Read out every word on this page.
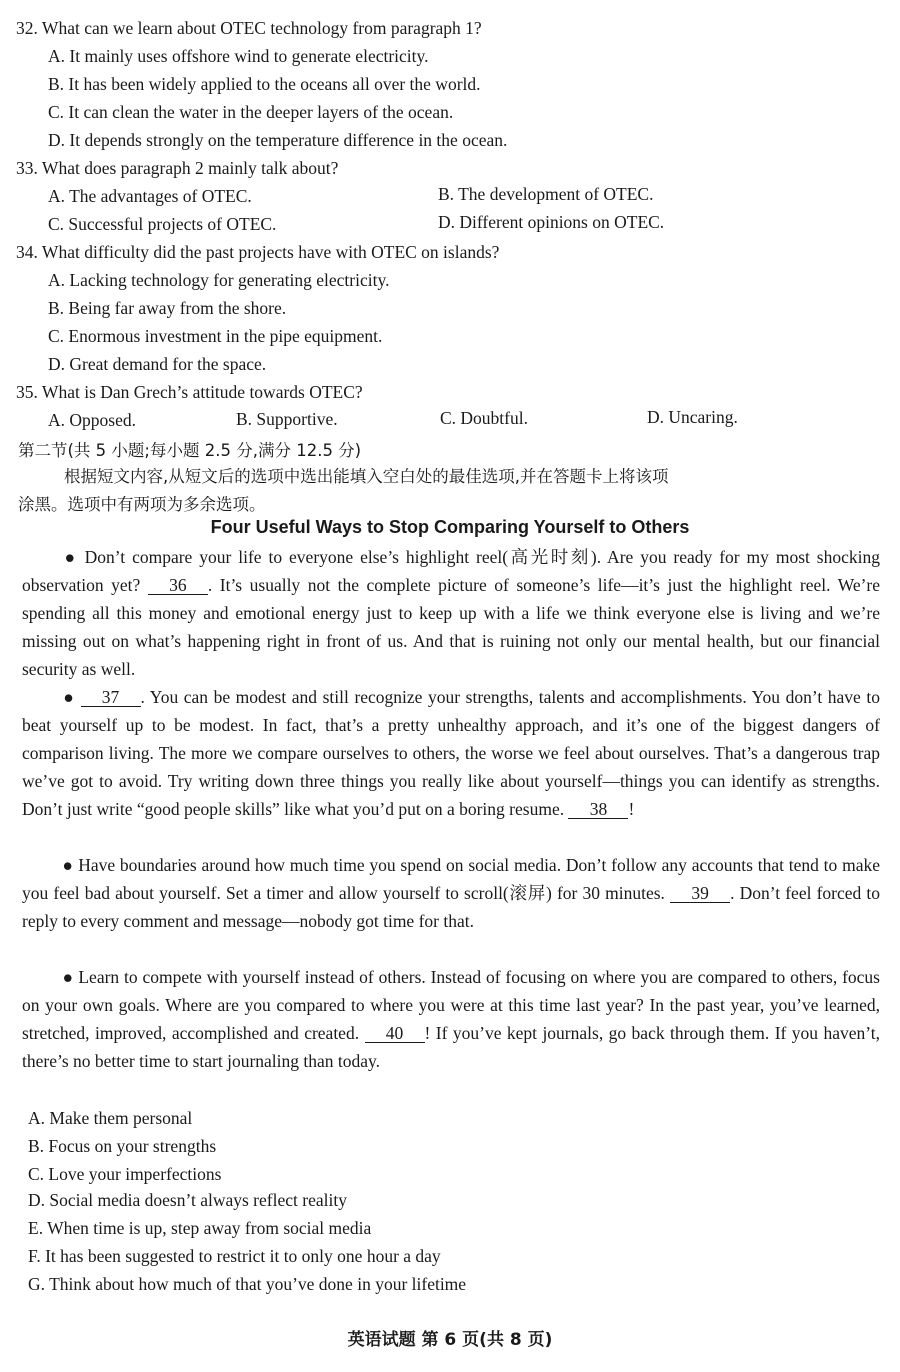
32. What can we learn about OTEC technology from paragraph 1?
A. It mainly uses offshore wind to generate electricity.
B. It has been widely applied to the oceans all over the world.
C. It can clean the water in the deeper layers of the ocean.
D. It depends strongly on the temperature difference in the ocean.
33. What does paragraph 2 mainly talk about?
A. The advantages of OTEC.	B. The development of OTEC.
C. Successful projects of OTEC.	D. Different opinions on OTEC.
34. What difficulty did the past projects have with OTEC on islands?
A. Lacking technology for generating electricity.
B. Being far away from the shore.
C. Enormous investment in the pipe equipment.
D. Great demand for the space.
35. What is Dan Grech’s attitude towards OTEC?
A. Opposed.	B. Supportive.	C. Doubtful.	D. Uncaring.
第二节(共 5 小题;每小题 2.5 分,满分 12.5 分)
根据短文内容,从短文后的选项中选出能填入空白处的最佳选项,并在答题卡上将该项
涂黑。选项中有两项为多余选项。
Four Useful Ways to Stop Comparing Yourself to Others
● Don’t compare your life to everyone else’s highlight reel(高光时刻). Are you ready for my most shocking observation yet? 36 . It’s usually not the complete picture of someone’s life—it’s just the highlight reel. We’re spending all this money and emotional energy just to keep up with a life we think everyone else is living and we’re missing out on what’s happening right in front of us. And that is ruining not only our mental health, but our financial security as well.
● 37 . You can be modest and still recognize your strengths, talents and accomplishments. You don’t have to beat yourself up to be modest. In fact, that’s a pretty unhealthy approach, and it’s one of the biggest dangers of comparison living. The more we compare ourselves to others, the worse we feel about ourselves. That’s a dangerous trap we’ve got to avoid. Try writing down three things you really like about yourself—things you can identify as strengths. Don’t just write “good people skills” like what you’d put on a boring resume. 38 !
● Have boundaries around how much time you spend on social media. Don’t follow any accounts that tend to make you feel bad about yourself. Set a timer and allow yourself to scroll(滚屏) for 30 minutes. 39 . Don’t feel forced to reply to every comment and message—nobody got time for that.
● Learn to compete with yourself instead of others. Instead of focusing on where you are compared to others, focus on your own goals. Where are you compared to where you were at this time last year? In the past year, you’ve learned, stretched, improved, accomplished and created. 40 ! If you’ve kept journals, go back through them. If you haven’t, there’s no better time to start journaling than today.
A. Make them personal
B. Focus on your strengths
C. Love your imperfections
D. Social media doesn’t always reflect reality
E. When time is up, step away from social media
F. It has been suggested to restrict it to only one hour a day
G. Think about how much of that you’ve done in your lifetime
英语试题 第 6 页(共 8 页)
